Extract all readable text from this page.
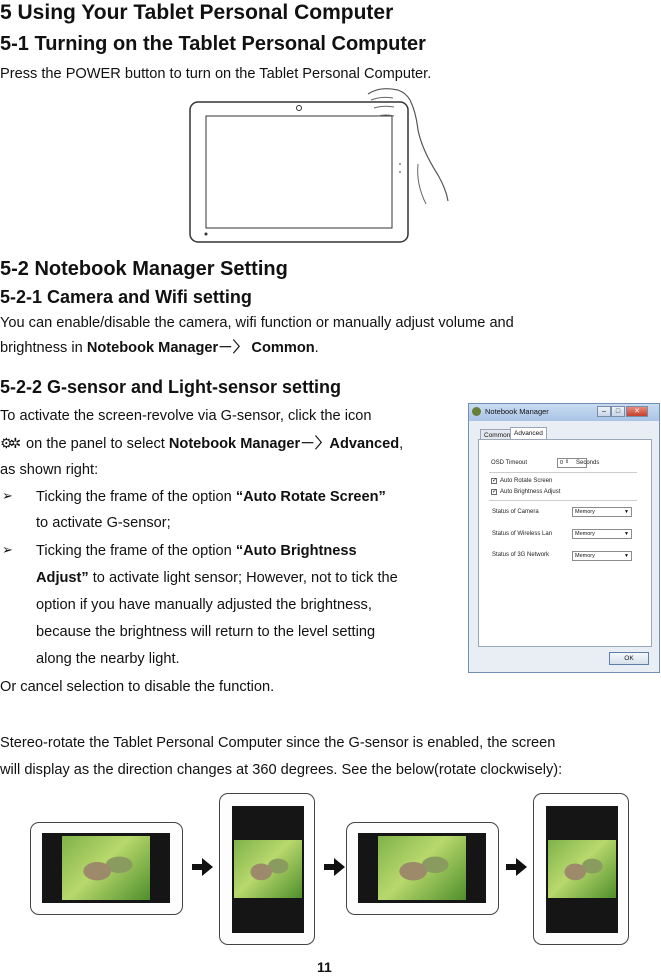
5 Using Your Tablet Personal Computer
5-1 Turning on the Tablet Personal Computer
Press the POWER button to turn on the Tablet Personal Computer.
5-2 Notebook Manager Setting
5-2-1 Camera and Wifi setting
You can enable/disable the camera, wifi function or manually adjust volume and
brightness in Notebook Manager－〉 Common.
5-2-2 G-sensor and Light-sensor setting
To activate the screen-revolve via G-sensor, click the icon
⚙✲ on the panel to select Notebook Manager－〉Advanced,
as shown right:
➢ Ticking the frame of the option “Auto Rotate Screen”
to activate G-sensor;
➢ Ticking the frame of the option “Auto Brightness
Adjust” to activate light sensor; However, not to tick the
option if you have manually adjusted the brightness,
because the brightness will return to the level setting
along the nearby light.
Or cancel selection to disable the function.
Notebook Manager	–	□	✕
Common Advanced
OSD Timeout	0 ⇕ Seconds
✓ Auto Rotate Screen
✓ Auto Brightness Adjust
Status of Camera	Memory	▼
Status of Wireless Lan	Memory	▼
Status of 3G Network	Memory	▼
OK
Stereo-rotate the Tablet Personal Computer since the G-sensor is enabled, the screen
will display as the direction changes at 360 degrees. See the below(rotate clockwisely):
11
